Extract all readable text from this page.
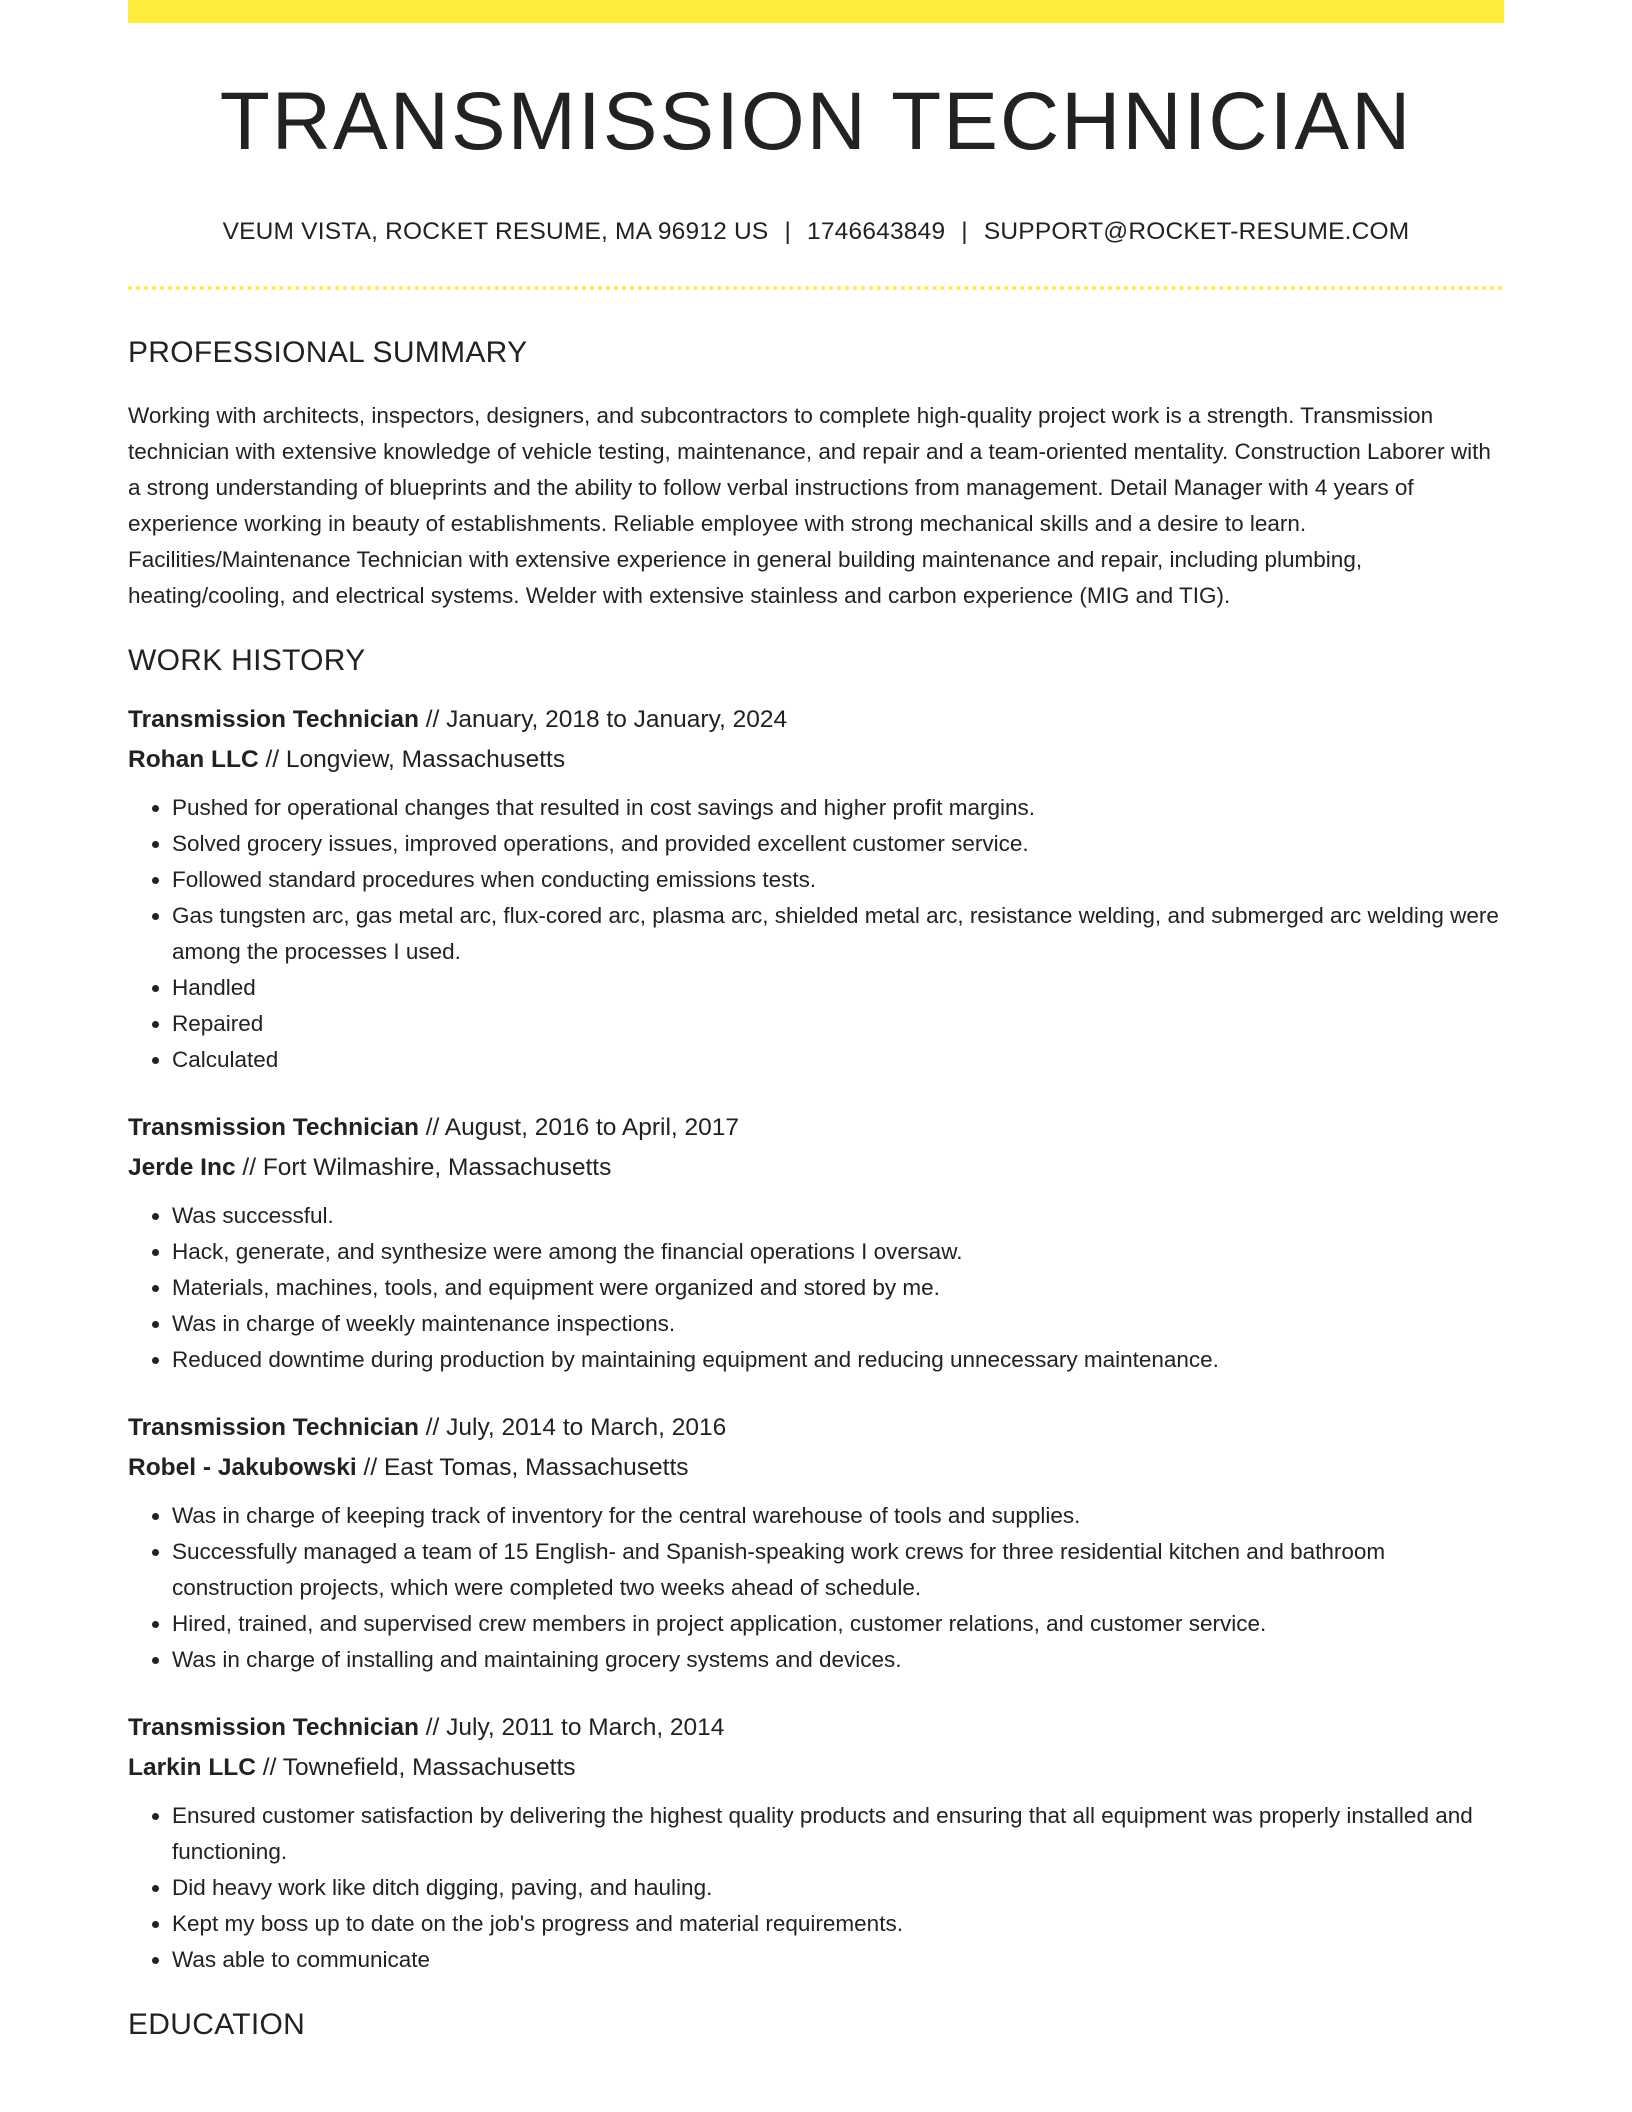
TRANSMISSION TECHNICIAN
VEUM VISTA, ROCKET RESUME, MA 96912 US | 1746643849 | SUPPORT@ROCKET-RESUME.COM
PROFESSIONAL SUMMARY

Working with architects, inspectors, designers, and subcontractors to complete high-quality project work is a strength. Transmission technician with extensive knowledge of vehicle testing, maintenance, and repair and a team-oriented mentality. Construction Laborer with a strong understanding of blueprints and the ability to follow verbal instructions from management. Detail Manager with 4 years of experience working in beauty of establishments. Reliable employee with strong mechanical skills and a desire to learn. Facilities/Maintenance Technician with extensive experience in general building maintenance and repair, including plumbing, heating/cooling, and electrical systems. Welder with extensive stainless and carbon experience (MIG and TIG).

WORK HISTORY
Transmission Technician // January, 2018 to January, 2024
Rohan LLC // Longview, Massachusetts
• Pushed for operational changes that resulted in cost savings and higher profit margins.
• Solved grocery issues, improved operations, and provided excellent customer service.
• Followed standard procedures when conducting emissions tests.
• Gas tungsten arc, gas metal arc, flux-cored arc, plasma arc, shielded metal arc, resistance welding, and submerged arc welding were among the processes I used.
• Handled
• Repaired
• Calculated
Transmission Technician // August, 2016 to April, 2017
Jerde Inc // Fort Wilmashire, Massachusetts
• Was successful.
• Hack, generate, and synthesize were among the financial operations I oversaw.
• Materials, machines, tools, and equipment were organized and stored by me.
• Was in charge of weekly maintenance inspections.
• Reduced downtime during production by maintaining equipment and reducing unnecessary maintenance.
Transmission Technician // July, 2014 to March, 2016
Robel - Jakubowski // East Tomas, Massachusetts
• Was in charge of keeping track of inventory for the central warehouse of tools and supplies.
• Successfully managed a team of 15 English- and Spanish-speaking work crews for three residential kitchen and bathroom construction projects, which were completed two weeks ahead of schedule.
• Hired, trained, and supervised crew members in project application, customer relations, and customer service.
• Was in charge of installing and maintaining grocery systems and devices.
Transmission Technician // July, 2011 to March, 2014
Larkin LLC // Townefield, Massachusetts
• Ensured customer satisfaction by delivering the highest quality products and ensuring that all equipment was properly installed and functioning.
• Did heavy work like ditch digging, paving, and hauling.
• Kept my boss up to date on the job's progress and material requirements.
• Was able to communicate
EDUCATION
